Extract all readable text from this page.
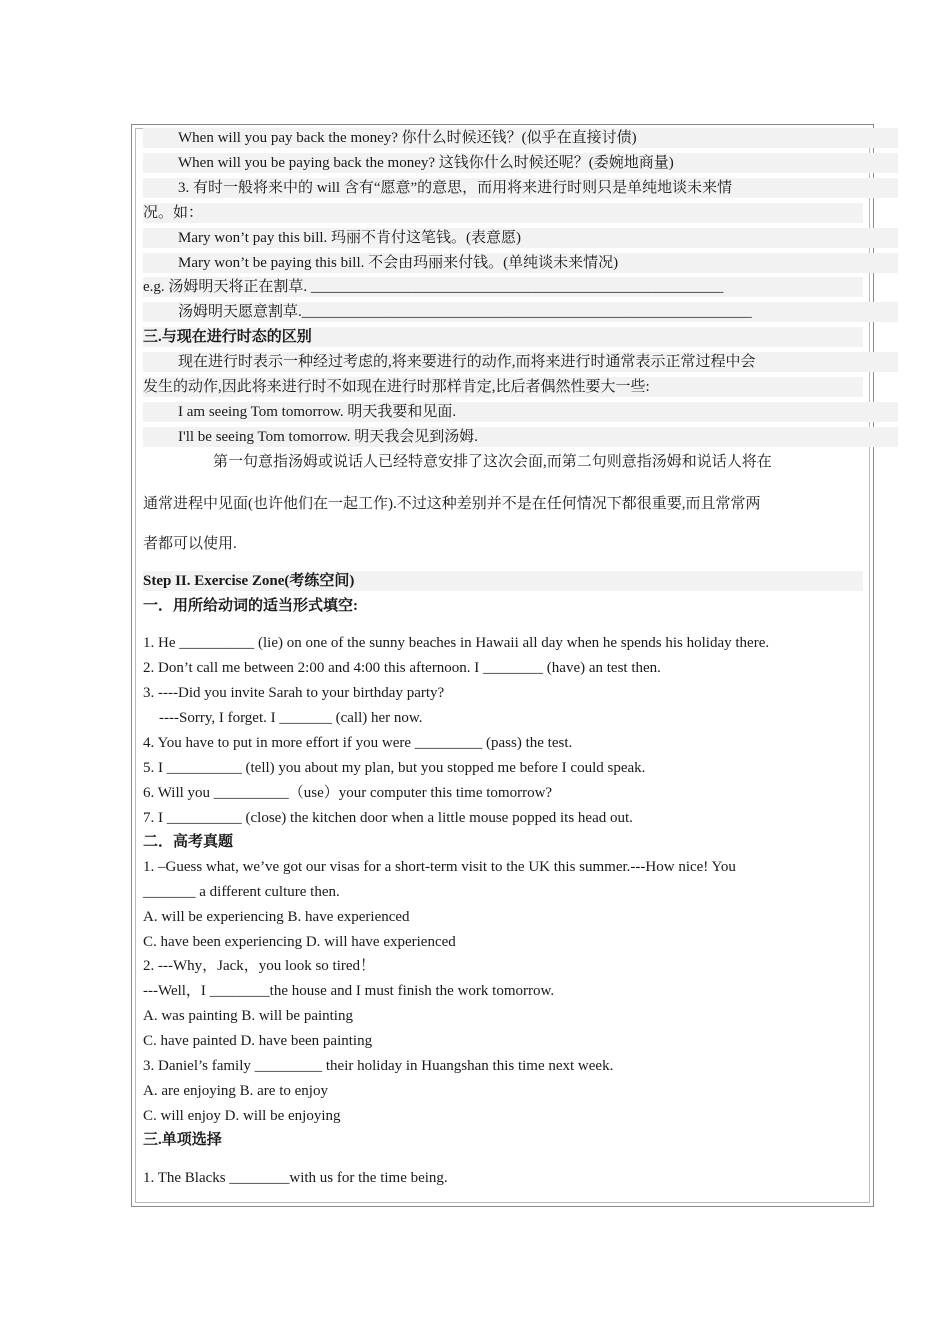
When will you pay back the money? 你什么时候还钱？(似乎在直接讨债)
When will you be paying back the money? 这钱你什么时候还呢？(委婉地商量)
3. 有时一般将来中的 will 含有“愿意”的意思，而用将来进行时则只是单纯地谈未来情
况。如：
Mary won’t pay this bill. 玛丽不肯付这笔钱。(表意愿)
Mary won’t be paying this bill. 不会由玛丽来付钱。(单纯谈未来情况)
e.g. 汤姆明天将正在割草. _______________________________________________________
汤姆明天愿意割草.____________________________________________________________
三.与现在进行时态的区别
现在进行时表示一种经过考虑的,将来要进行的动作,而将来进行时通常表示正常过程中会
发生的动作,因此将来进行时不如现在进行时那样肯定,比后者偶然性要大一些:
I am seeing Tom tomorrow. 明天我要和见面.
I'll be seeing Tom tomorrow. 明天我会见到汤姆.
第一句意指汤姆或说话人已经特意安排了这次会面,而第二句则意指汤姆和说话人将在
通常进程中见面(也许他们在一起工作).不过这种差别并不是在任何情况下都很重要,而且常常两
者都可以使用.
Step II. Exercise Zone(考练空间)
一．用所给动词的适当形式填空:
1. He __________ (lie) on one of the sunny beaches in Hawaii all day when he spends his holiday there.
2. Don’t call me between 2:00 and 4:00 this afternoon. I ________ (have) an test then.
3. ----Did you invite Sarah to your birthday party?
----Sorry, I forget. I _______ (call) her now.
4. You have to put in more effort if you were _________ (pass) the test.
5. I __________ (tell) you about my plan, but you stopped me before I could speak.
6. Will you __________（use）your computer this time tomorrow?
7. I __________ (close) the kitchen door when a little mouse popped its head out.
二．高考真题
1. –Guess what, we’ve got our visas for a short-term visit to the UK this summer.---How nice! You
_______ a different culture then.
A. will be experiencing B. have experienced
C. have been experiencing D. will have experienced
2. ---Why，Jack，you look so tired！
---Well，I ________the house and I must finish the work tomorrow.
A. was painting B. will be painting
C. have painted D. have been painting
3. Daniel’s family _________ their holiday in Huangshan this time next week.
A. are enjoying B. are to enjoy
C. will enjoy D. will be enjoying
三.单项选择
1. The Blacks ________with us for the time being.
